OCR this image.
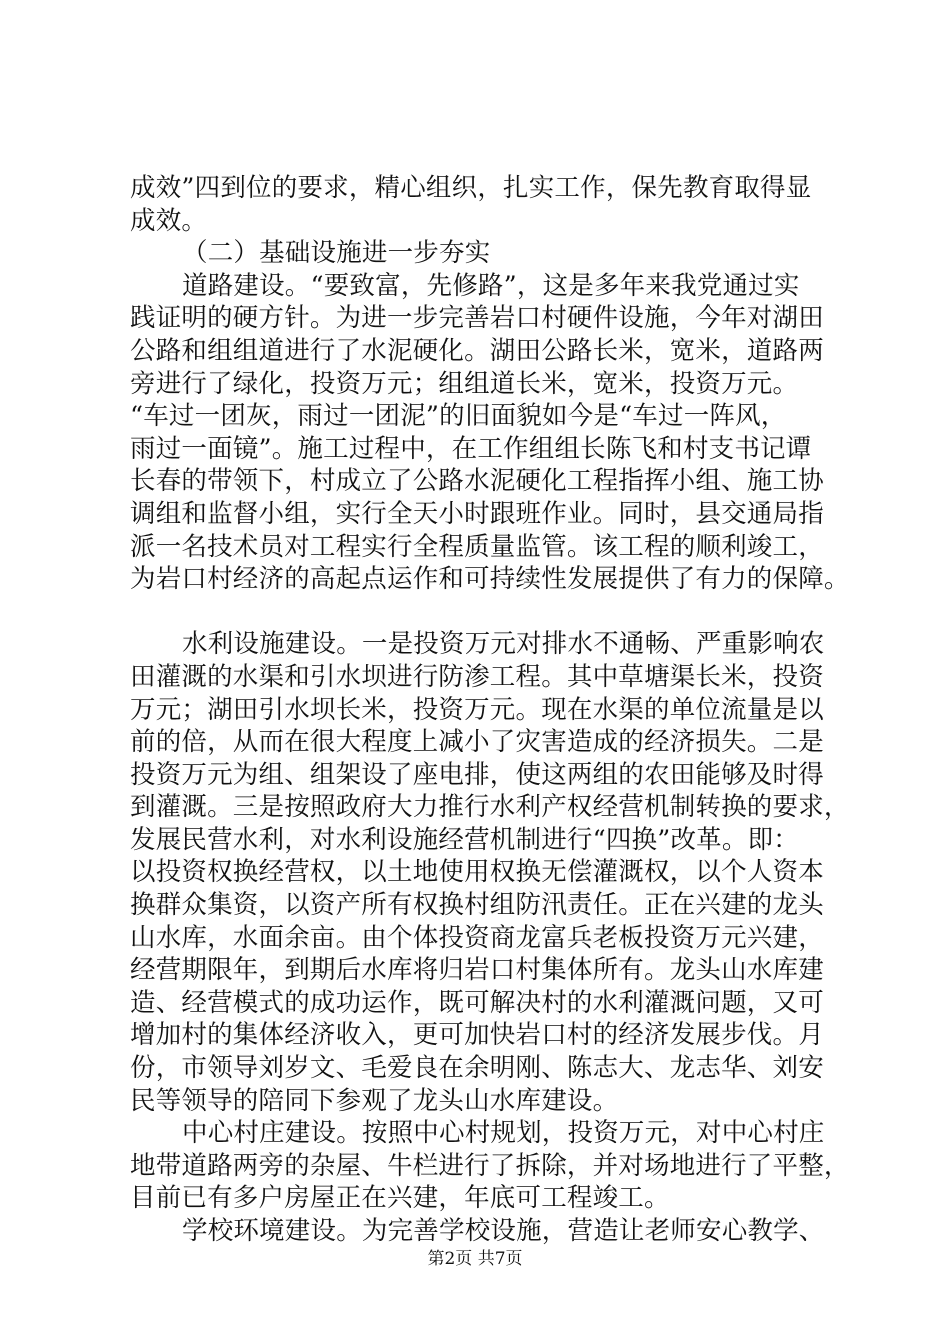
成效”四到位的要求，精心组织，扎实工作，保先教育取得显
成效。
（二）基础设施进一步夯实
道路建设。“要致富，先修路”，这是多年来我党通过实
践证明的硬方针。为进一步完善岩口村硬件设施，今年对湖田
公路和组组道进行了水泥硬化。湖田公路长米，宽米，道路两
旁进行了绿化，投资万元；组组道长米，宽米，投资万元。
“车过一团灰，雨过一团泥”的旧面貌如今是“车过一阵风，
雨过一面镜”。施工过程中，在工作组组长陈飞和村支书记谭
长春的带领下，村成立了公路水泥硬化工程指挥小组、施工协
调组和监督小组，实行全天小时跟班作业。同时，县交通局指
派一名技术员对工程实行全程质量监管。该工程的顺利竣工，
为岩口村经济的高起点运作和可持续性发展提供了有力的保障。
水利设施建设。一是投资万元对排水不通畅、严重影响农
田灌溉的水渠和引水坝进行防渗工程。其中草塘渠长米，投资
万元；湖田引水坝长米，投资万元。现在水渠的单位流量是以
前的倍，从而在很大程度上减小了灾害造成的经济损失。二是
投资万元为组、组架设了座电排，使这两组的农田能够及时得
到灌溉。三是按照政府大力推行水利产权经营机制转换的要求，
发展民营水利，对水利设施经营机制进行“四换”改革。即：
以投资权换经营权，以土地使用权换无偿灌溉权，以个人资本
换群众集资，以资产所有权换村组防汛责任。正在兴建的龙头
山水库，水面余亩。由个体投资商龙富兵老板投资万元兴建，
经营期限年，到期后水库将归岩口村集体所有。龙头山水库建
造、经营模式的成功运作，既可解决村的水利灌溉问题，又可
增加村的集体经济收入，更可加快岩口村的经济发展步伐。月
份，市领导刘岁文、毛爱良在余明刚、陈志大、龙志华、刘安
民等领导的陪同下参观了龙头山水库建设。
中心村庄建设。按照中心村规划，投资万元，对中心村庄
地带道路两旁的杂屋、牛栏进行了拆除，并对场地进行了平整，
目前已有多户房屋正在兴建，年底可工程竣工。
学校环境建设。为完善学校设施，营造让老师安心教学、
第2页 共7页
